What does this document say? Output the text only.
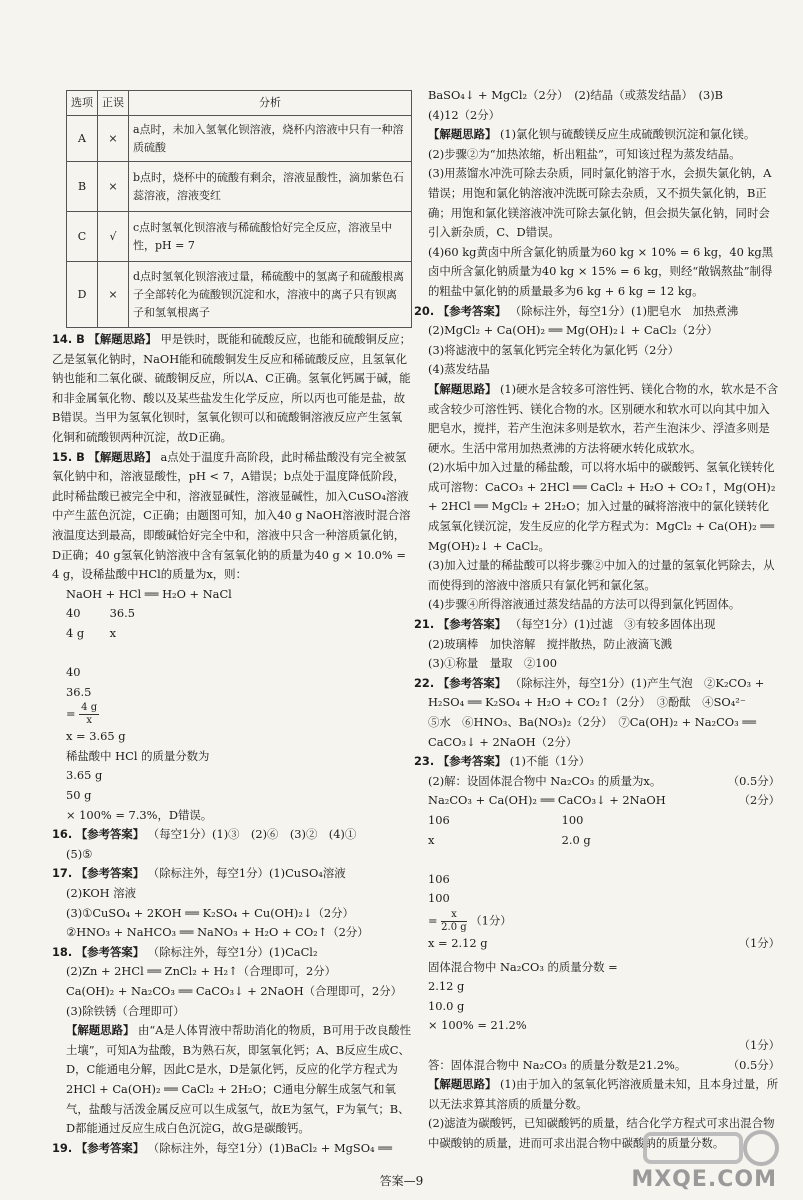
选项	正误	分析
A	×	a点时，未加入氢氧化钡溶液，烧杯内溶液中只有一种溶质硫酸
B	×	b点时，烧杯中的硫酸有剩余，溶液显酸性，滴加紫色石蕊溶液，溶液变红
C	√	c点时氢氧化钡溶液与稀硫酸恰好完全反应，溶液呈中性，pH = 7
D	×	d点时氢氧化钡溶液过量，稀硫酸中的氢离子和硫酸根离子全部转化为硫酸钡沉淀和水，溶液中的离子只有钡离子和氢氧根离子

14. B 【解题思路】 甲是铁时，既能和硫酸反应，也能和硫酸铜反应；乙是氢氧化钠时，NaOH能和硫酸铜发生反应和稀硫酸反应，且氢氧化钠也能和二氧化碳、硫酸铜反应，所以A、C正确。氢氧化钙属于碱，能和非金属氧化物、酸以及某些盐发生化学反应，所以丙也可能是盐，故B错误。当甲为氢氧化钡时，氢氧化钡可以和硫酸铜溶液反应产生氢氧化铜和硫酸钡两种沉淀，故D正确。

15. B 【解题思路】 a点处于温度升高阶段，此时稀盐酸没有完全被氢氧化钠中和，溶液显酸性，pH < 7，A错误；b点处于温度降低阶段，此时稀盐酸已被完全中和，溶液显碱性，溶液显碱性，加入CuSO₄溶液中产生蓝色沉淀，C正确；由题图可知，加入40 g NaOH溶液时混合溶液温度达到最高，即酸碱恰好完全中和，溶液中只含一种溶质氯化钠，D正确；40 g氢氧化钠溶液中含有氢氧化钠的质量为40 g × 10.0% = 4 g，设稀盐酸中HCl的质量为x，则：

NaOH + HCl ══ H₂O + NaCl

40	36.5

4 g x

40
36.5
= $\frac{4 g}{x}$

x = 3.65 g

稀盐酸中 HCl 的质量分数为

3.65 g
50 g
× 100% = 7.3%，D错误。

16. 【参考答案】 （每空1分）(1)③　(2)⑥　(3)②　(4)①

(5)⑤

17. 【参考答案】 （除标注外，每空1分）(1)CuSO₄溶液

(2)KOH 溶液

(3)①CuSO₄ + 2KOH ══ K₂SO₄ + Cu(OH)₂↓（2分）

②HNO₃ + NaHCO₃ ══ NaNO₃ + H₂O + CO₂↑（2分）

18. 【参考答案】 （除标注外，每空1分）(1)CaCl₂

(2)Zn + 2HCl ══ ZnCl₂ + H₂↑（合理即可，2分）

Ca(OH)₂ + Na₂CO₃ ══ CaCO₃↓ + 2NaOH（合理即可，2分）

(3)除铁锈（合理即可）

【解题思路】 由“A是人体胃液中帮助消化的物质，B可用于改良酸性土壤”，可知A为盐酸，B为熟石灰，即氢氧化钙；A、B反应生成C、D，C能通电分解，因此C是水，D是氯化钙，反应的化学方程式为2HCl + Ca(OH)₂ ══ CaCl₂ + 2H₂O；C通电分解生成氢气和氧气，盐酸与活泼金属反应可以生成氢气，故E为氢气，F为氧气；B、D都能通过反应生成白色沉淀G，故G是碳酸钙。

19. 【参考答案】 （除标注外，每空1分）(1)BaCl₂ + MgSO₄ ══

BaSO₄↓ + MgCl₂（2分）　(2)结晶（或蒸发结晶）　(3)B

(4)12（2分）

【解题思路】 (1)氯化钡与硫酸镁反应生成硫酸钡沉淀和氯化镁。

(2)步骤②为“加热浓缩，析出粗盐”，可知该过程为蒸发结晶。

(3)用蒸馏水冲洗可除去杂质，同时氯化钠溶于水，会损失氯化钠，A错误；用饱和氯化钠溶液冲洗既可除去杂质，又不损失氯化钠，B正确；用饱和氯化镁溶液冲洗可除去氯化钠，但会损失氯化钠，同时会引入新杂质，C、D错误。

(4)60 kg黄卤中所含氯化钠质量为60 kg × 10% = 6 kg，40 kg黑卤中所含氯化钠质量为40 kg × 15% = 6 kg，则经“敞锅熬盐”制得的粗盐中氯化钠的质量最多为6 kg + 6 kg = 12 kg。

20. 【参考答案】 （除标注外，每空1分）(1)肥皂水　加热煮沸

(2)MgCl₂ + Ca(OH)₂ ══ Mg(OH)₂↓ + CaCl₂（2分）

(3)将滤液中的氢氧化钙完全转化为氯化钙（2分）

(4)蒸发结晶

【解题思路】 (1)硬水是含较多可溶性钙、镁化合物的水，软水是不含或含较少可溶性钙、镁化合物的水。区别硬水和软水可以向其中加入肥皂水，搅拌，若产生泡沫多则是软水，若产生泡沫少、浮渣多则是硬水。生活中常用加热煮沸的方法将硬水转化成软水。

(2)水垢中加入过量的稀盐酸，可以将水垢中的碳酸钙、氢氧化镁转化成可溶物：CaCO₃ + 2HCl ══ CaCl₂ + H₂O + CO₂↑，Mg(OH)₂ + 2HCl ══ MgCl₂ + 2H₂O；加入过量的碱将溶液中的氯化镁转化成氢氧化镁沉淀，发生反应的化学方程式为：MgCl₂ + Ca(OH)₂ ══ Mg(OH)₂↓ + CaCl₂。

(3)加入过量的稀盐酸可以将步骤②中加入的过量的氢氧化钙除去，从而使得到的溶液中溶质只有氯化钙和氯化氢。

(4)步骤④所得溶液通过蒸发结晶的方法可以得到氯化钙固体。

21. 【参考答案】 （每空1分）(1)过滤　③有较多固体出现

(2)玻璃棒　加快溶解　搅拌散热，防止液滴飞溅

(3)①称量　量取　②100

22. 【参考答案】 （除标注外，每空1分）(1)产生气泡　②K₂CO₃ +

H₂SO₄ ══ K₂SO₄ + H₂O + CO₂↑（2分）　③酚酞　④SO₄²⁻

⑤水　⑥HNO₃、Ba(NO₃)₂（2分）　⑦Ca(OH)₂ + Na₂CO₃ ══

CaCO₃↓ + 2NaOH（2分）

23. 【参考答案】 (1)不能（1分）

(2)解：设固体混合物中 Na₂CO₃ 的质量为x。	（0.5分）

Na₂CO₃ + Ca(OH)₂ ══ CaCO₃↓ + 2NaOH	（2分）

106	100

x	2.0 g

106
100
= $\frac{x}{2.0 g} (1$分）

x = 2.12 g	（1分）

固体混合物中 Na₂CO₃ 的质量分数 =

2.12 g
10.0 g
× 100% = 21.2%

（1分）

答：固体混合物中 Na₂CO₃ 的质量分数是21.2%。	（0.5分）

【解题思路】 (1)由于加入的氢氧化钙溶液质量未知，且本身过量，所以无法求算其溶质的质量分数。

(2)滤渣为碳酸钙，已知碳酸钙的质量，结合化学方程式可求出混合物中碳酸钠的质量，进而可求出混合物中碳酸钠的质量分数。

答案—9	MXQE.COM
